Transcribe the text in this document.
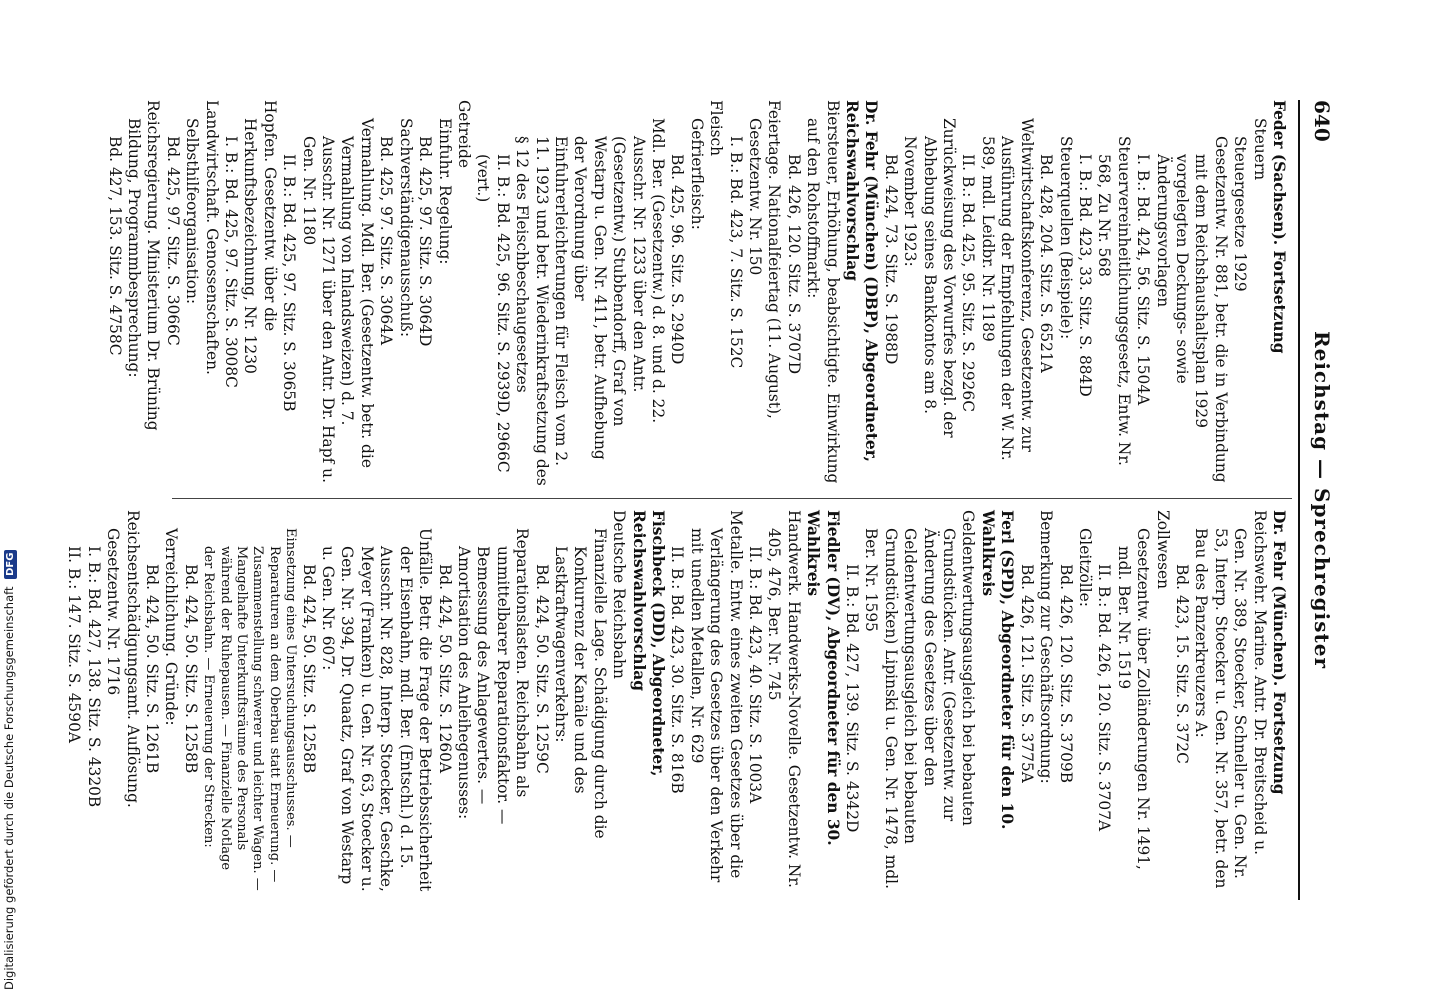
640
Reichstag — Sprechregister

Feder (Sachsen). Fortsetzung

Steuern

Steuergesetze 1929

Gesetzentw. Nr. 881, betr. die in Verbindung mit dem Reichshaushaltsplan 1929 vorgelegten Deckungs- sowie Änderungsvorlagen

I. B.: Bd. 424, 56. Sitz. S. 1504A

Steuervereinheitlichungsgesetz, Entw. Nr. 568, Zu Nr. 568

I. B.: Bd. 423, 33. Sitz. S. 884D

Steuerquellen (Beispiele):

Bd. 428, 204. Sitz. S. 6521A

Weltwirtschaftskonferenz, Gesetzentw. zur Ausführung der Empfehlungen der W. Nr. 589, mdl. Leidbr. Nr. 1189

II. B.: Bd. 425, 95. Sitz. S. 2926C

Zurückweisung des Vorwurfes bezgl. der Abhebung seines Bankkontos am 8. November 1923:

Bd. 424, 73. Sitz. S. 1988D

Dr. Fehr (München) (DBP), Abgeordneter, Reichswahlvorschlag

Biersteuer, Erhöhung, beabsichtigte. Einwirkung auf den Rohstoffmarkt:

Bd. 426, 120. Sitz. S. 3707D

Feiertage. Nationalfeiertag (11. August), Gesetzentw. Nr. 150

I. B.: Bd. 423, 7. Sitz. S. 152C

Fleisch

Gefrierfleisch:

Bd. 425, 96. Sitz. S. 2940D

Mdl. Ber. (Gesetzentw.) d. 8. und d. 22. Ausschr. Nr. 1233 über den Antr. (Gesetzentw.) Stubbendorff, Graf von Westarp u. Gen. Nr. 411, betr. Aufhebung der Verordnung über Einfuhrerleichterungen für Fleisch vom 2. 11. 1923 und betr. Wiederinkraftsetzung des § 12 des Fleischbeschaugesetzes

II. B.: Bd. 425, 96. Sitz. S. 2939D, 2966C

(vert.)

Getreide

Einfuhr. Regelung:

Bd. 425, 97. Sitz. S. 3064D

Sachverständigenausschuß:

Bd. 425, 97. Sitz. S. 3064A

Vermahlung. Mdl. Ber. (Gesetzentw. betr. die Vermahlung von Inlandsweizen) d. 7. Ausschr. Nr. 1271 über den Antr. Dr. Hapf u. Gen. Nr. 1180

II. B.: Bd. 425, 97. Sitz. S. 3065B

Hopfen. Gesetzentw. über die Herkunftsbezeichnung, Nr. 1230

I. B.: Bd. 425, 97. Sitz. S. 3008C

Landwirtschaft. Genossenschaften. Selbsthilfeorganisation:

Bd. 425, 97. Sitz. S. 3066C

Reichsregierung. Ministerium Dr. Brüning Bildung, Programmbesprechung:

Bd. 427, 153. Sitz. S. 4758C

Dr. Fehr (München). Fortsetzung

Reichswehr. Marine. Antr. Dr. Breitscheid u. Gen. Nr. 389, Stoecker, Schneller u. Gen. Nr. 53, Interp. Stoecker u. Gen. Nr. 357, betr. den Bau des Panzerkreuzers A:

Bd. 423, 15. Sitz. S. 372C

Zollwesen

Gesetzentw. über Zolländerungen Nr. 1491, mdl. Ber. Nr. 1519

II. B.: Bd. 426, 120. Sitz. S. 3707A

Gleitzölle:

Bd. 426, 120. Sitz. S. 3709B

Bemerkung zur Geschäftsordnung:

Bd. 426, 121. Sitz. S. 3775A

Ferl (SPD), Abgeordneter für den 10. Wahlkreis

Geldentwertungsausgleich bei bebauten Grundstücken. Antr. (Gesetzentw. zur Änderung des Gesetzes über den Geldentwertungsausgleich bei bebauten Grundstücken) Lipinski u. Gen. Nr. 1478, mdl. Ber. Nr. 1595

II. B.: Bd. 427, 139. Sitz. S. 4342D

Fiedler (DV), Abgeordneter für den 30. Wahlkreis

Handwerk. Handwerks-Novelle. Gesetzentw. Nr. 405, 476, Ber. Nr. 745

II. B.: Bd. 423, 40. Sitz. S. 1003A

Metalle. Entw. eines zweiten Gesetzes über die Verlängerung des Gesetzes über den Verkehr mit unedlen Metallen, Nr. 629

II. B.: Bd. 423, 30. Sitz. S. 816B

Fischbeck (DD), Abgeordneter, Reichswahlvorschlag

Deutsche Reichsbahn

Finanzielle Lage. Schädigung durch die Konkurrenz der Kanäle und des Lastkraftwagenverkehrs:

Bd. 424, 50. Sitz. S. 1259C

Reparationslasten. Reichsbahn als unmittelbarer Reparationsfaktor. — Bemessung des Anlagewertes. — Amortisation des Anleihegenusses:

Bd. 424, 50. Sitz. S. 1260A

Unfälle. Betr. die Frage der Betriebssicherheit der Eisenbahn, mdl. Ber. (Entschl.) d. 15. Ausschr. Nr. 828, Interp. Stoecker, Geschke, Meyer (Franken) u. Gen. Nr. 63, Stoecker u. Gen. Nr. 394, Dr. Quaatz, Graf von Westarp u. Gen. Nr. 607:

Bd. 424, 50. Sitz. S. 1258B

Einsetzung eines Untersuchungsausschusses. — Reparaturen an dem Oberbau statt Erneuerung. — Zusammenstellung schwerer und leichter Wagen. — Mangelhafte Unterkunftsräume des Personals während der Ruhepausen. — Finanzielle Notlage der Reichsbahn. — Erneuerung der Strecken:

Bd. 424, 50. Sitz. S. 1258B

Verreichlichung. Gründe:

Bd. 424, 50. Sitz. S. 1261B

Reichsentschädigungsamt. Auflösung. Gesetzentw. Nr. 1716

I. B.: Bd. 427, 138. Sitz. S. 4320B

II. B.: 147. Sitz. S. 4590A

Digitalisierung gefördert durch die Deutsche Forschungsgemeinschaft DFG
